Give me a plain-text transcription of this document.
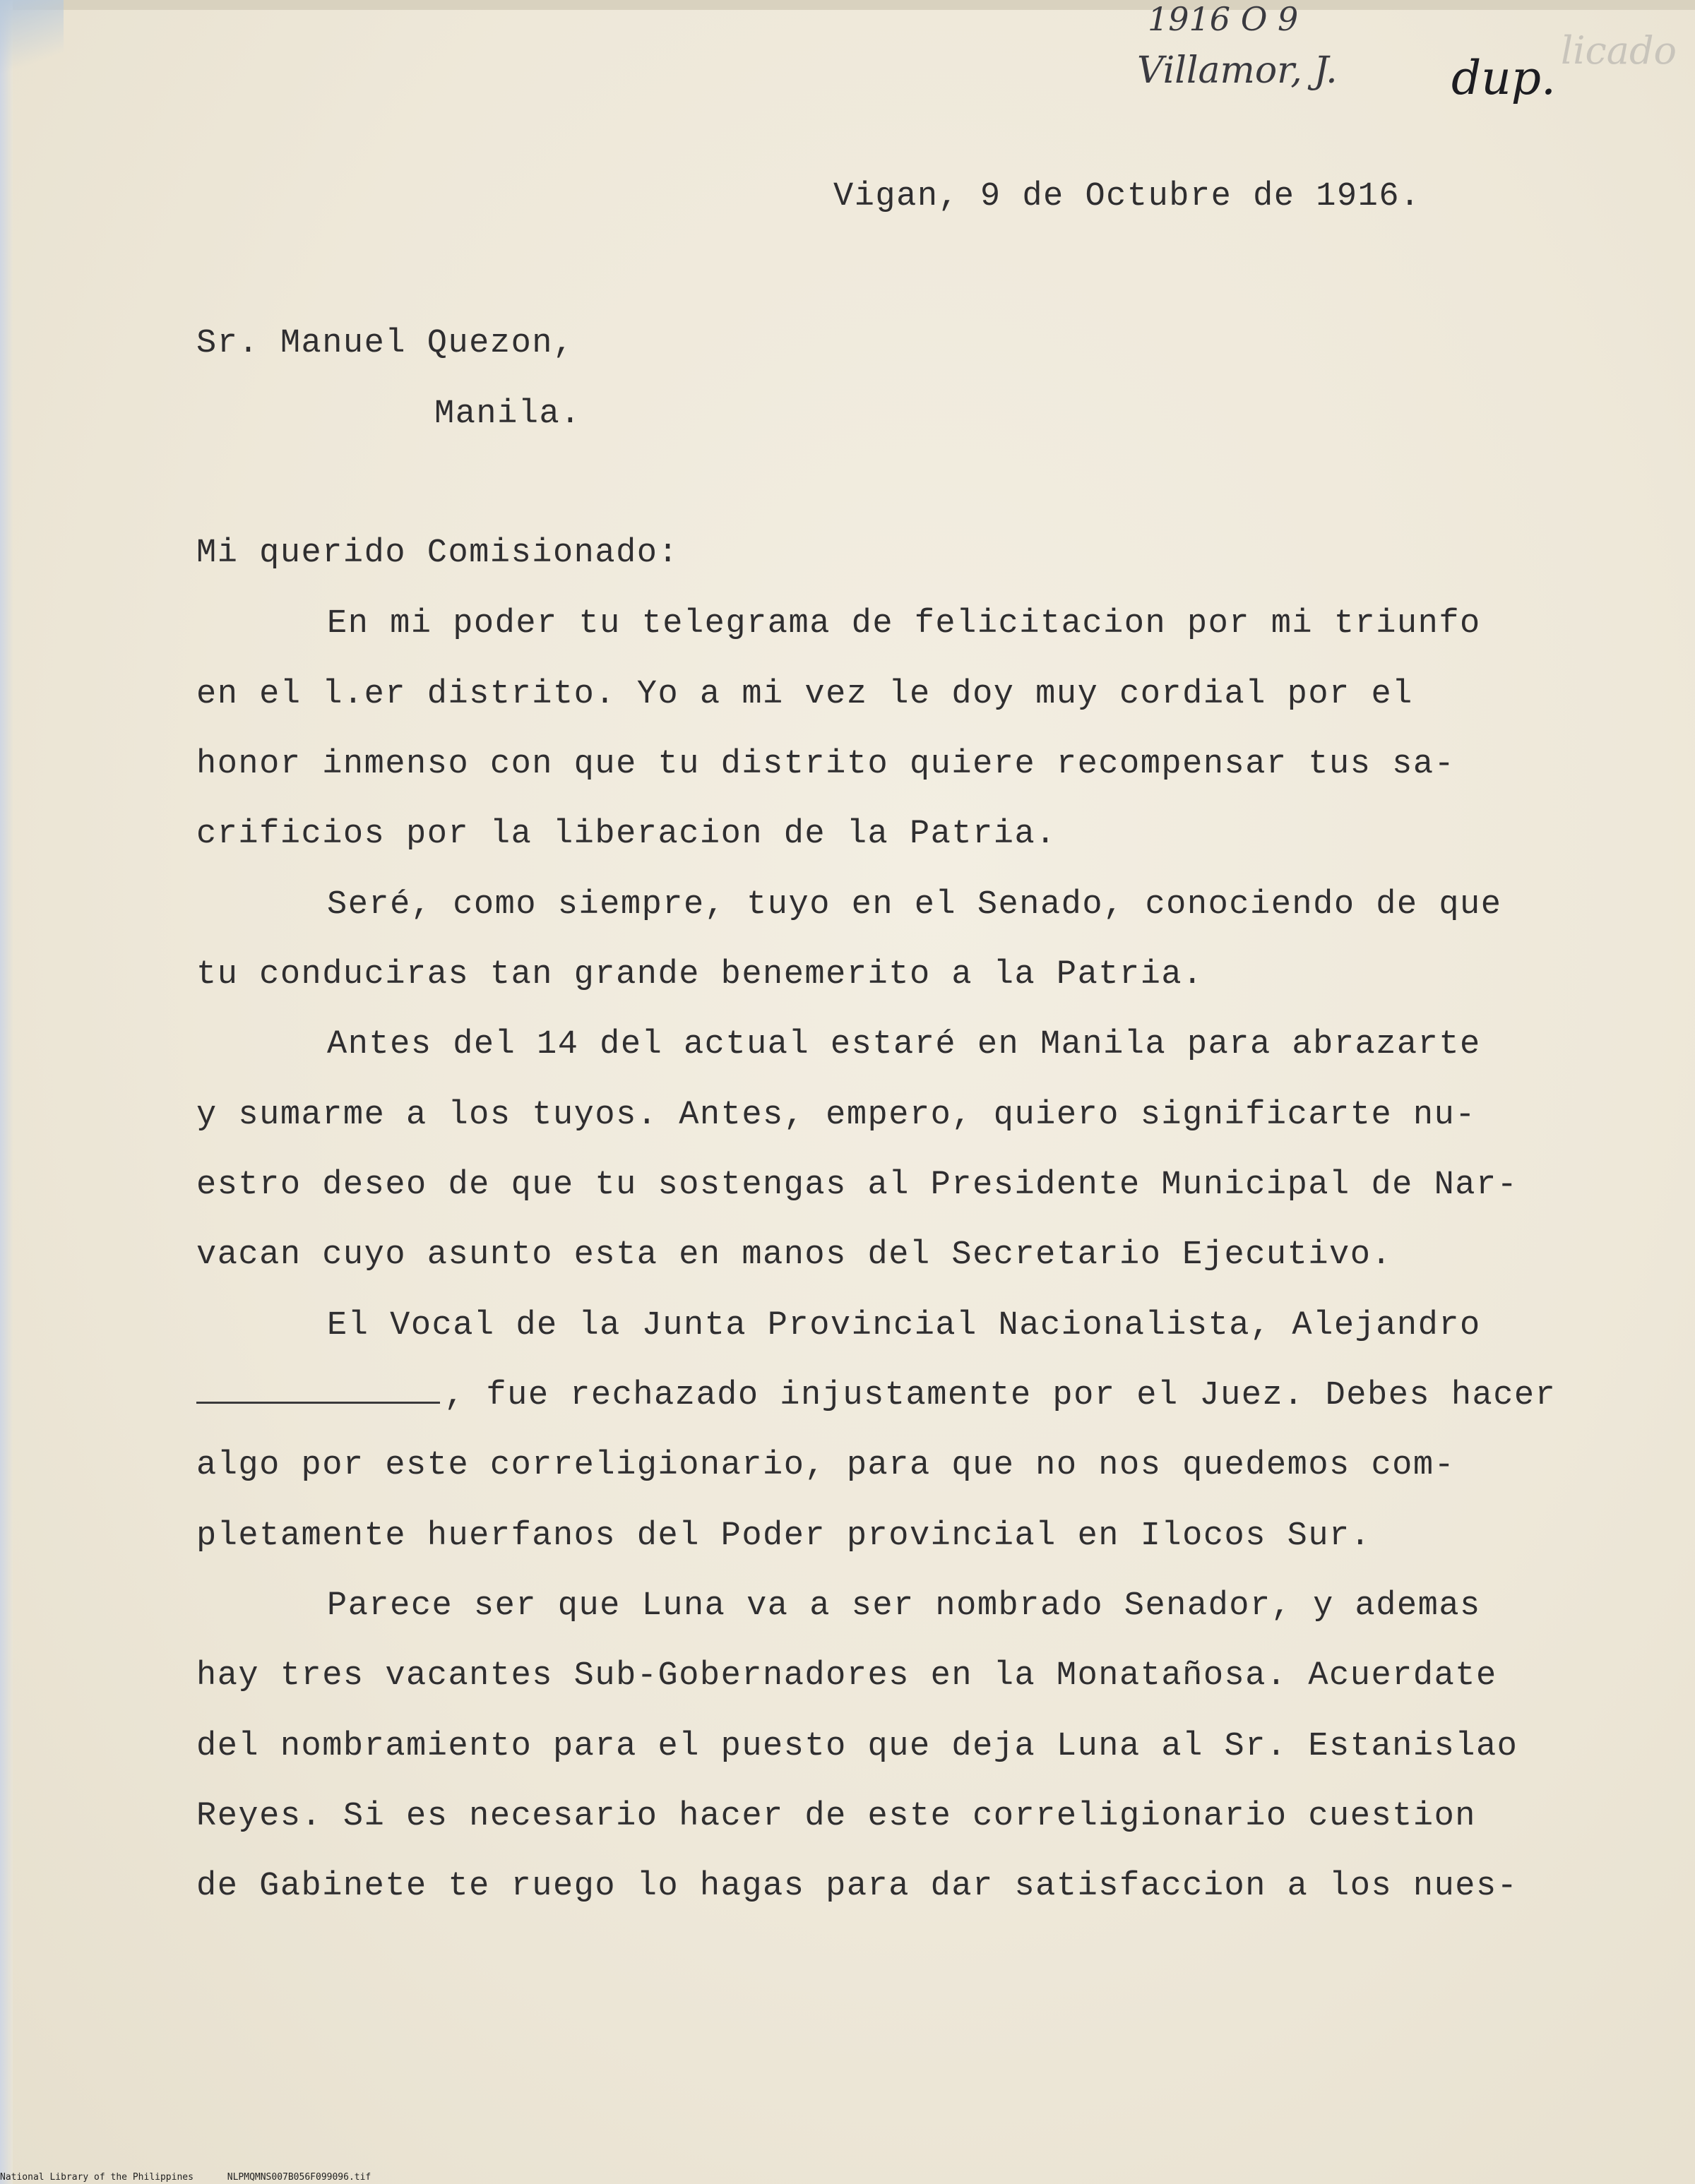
1916 O 9
Villamor, J. dup.
licado
Vigan, 9 de Octubre de 1916.
Sr. Manuel Quezon,
Manila.
Mi querido Comisionado:
En mi poder tu telegrama de felicitacion por mi triunfo
en el l.er distrito. Yo a mi vez le doy muy cordial por el
honor inmenso con que tu distrito quiere recompensar tus sa-
crificios por la liberacion de la Patria.
Seré, como siempre, tuyo en el Senado, conociendo de que
tu conduciras tan grande benemerito a la Patria.
Antes del 14 del actual estaré en Manila para abrazarte
y sumarme a los tuyos. Antes, empero, quiero significarte nu-
estro deseo de que tu sostengas al Presidente Municipal de Nar-
vacan cuyo asunto esta en manos del Secretario Ejecutivo.
El Vocal de la Junta Provincial Nacionalista, Alejandro
, fue rechazado injustamente por el Juez. Debes hacer
algo por este correligionario, para que no nos quedemos com-
pletamente huerfanos del Poder provincial en Ilocos Sur.
Parece ser que Luna va a ser nombrado Senador, y ademas
hay tres vacantes Sub-Gobernadores en la Monatañosa. Acuerdate
del nombramiento para el puesto que deja Luna al Sr. Estanislao
Reyes. Si es necesario hacer de este correligionario cuestion
de Gabinete te ruego lo hagas para dar satisfaccion a los nues-
National Library of the Philippines	NLPMQMNS007B056F099096.tif
